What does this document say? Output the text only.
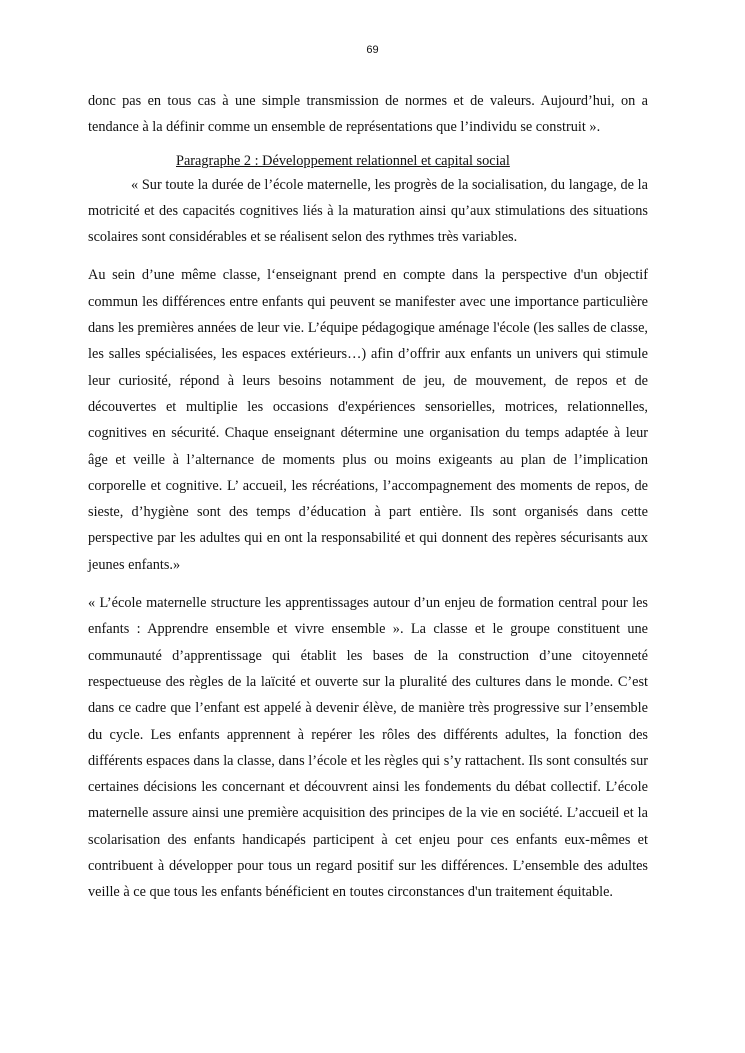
69

donc pas en tous cas à une simple transmission de normes et de valeurs. Aujourd’hui, on a tendance à la définir comme un ensemble de représentations que l’individu se construit ».

Paragraphe 2 : Développement relationnel et capital social

« Sur toute la durée de l’école maternelle, les progrès de la socialisation, du langage, de la motricité et des capacités cognitives liés à la maturation ainsi qu’aux stimulations des situations scolaires sont considérables et se réalisent selon des rythmes très variables.

Au sein d’une même classe, l‘enseignant prend en compte dans la perspective d'un objectif commun les différences entre enfants qui peuvent se manifester avec une importance particulière dans les premières années de leur vie. L’équipe pédagogique aménage l'école (les salles de classe, les salles spécialisées, les espaces extérieurs…) afin d’offrir aux enfants un univers qui stimule leur curiosité, répond à leurs besoins notamment de jeu, de mouvement, de repos et de découvertes et multiplie les occasions d'expériences sensorielles, motrices, relationnelles, cognitives en sécurité. Chaque enseignant détermine une organisation du temps adaptée à leur âge et veille à l’alternance de moments plus ou moins exigeants au plan de l’implication corporelle et cognitive. L’ accueil, les récréations, l’accompagnement des moments de repos, de sieste, d’hygiène sont des temps d’éducation à part entière. Ils sont organisés dans cette perspective par les adultes qui en ont la responsabilité et qui donnent des repères sécurisants aux jeunes enfants.»

« L’école maternelle structure les apprentissages autour d’un enjeu de formation central pour les enfants : Apprendre ensemble et vivre ensemble ». La classe et le groupe constituent une communauté d’apprentissage qui établit les bases de la construction d’une citoyenneté respectueuse des règles de la laïcité et ouverte sur la pluralité des cultures dans le monde. C’est dans ce cadre que l’enfant est appelé à devenir élève, de manière très progressive sur l’ensemble du cycle. Les enfants apprennent à repérer les rôles des différents adultes, la fonction des différents espaces dans la classe, dans l’école et les règles qui s’y rattachent. Ils sont consultés sur certaines décisions les concernant et découvrent ainsi les fondements du débat collectif. L’école maternelle assure ainsi une première acquisition des principes de la vie en société. L’accueil et la scolarisation des enfants handicapés participent à cet enjeu pour ces enfants eux-mêmes et contribuent à développer pour tous un regard positif sur les différences. L’ensemble des adultes veille à ce que tous les enfants bénéficient en toutes circonstances d'un traitement équitable.
